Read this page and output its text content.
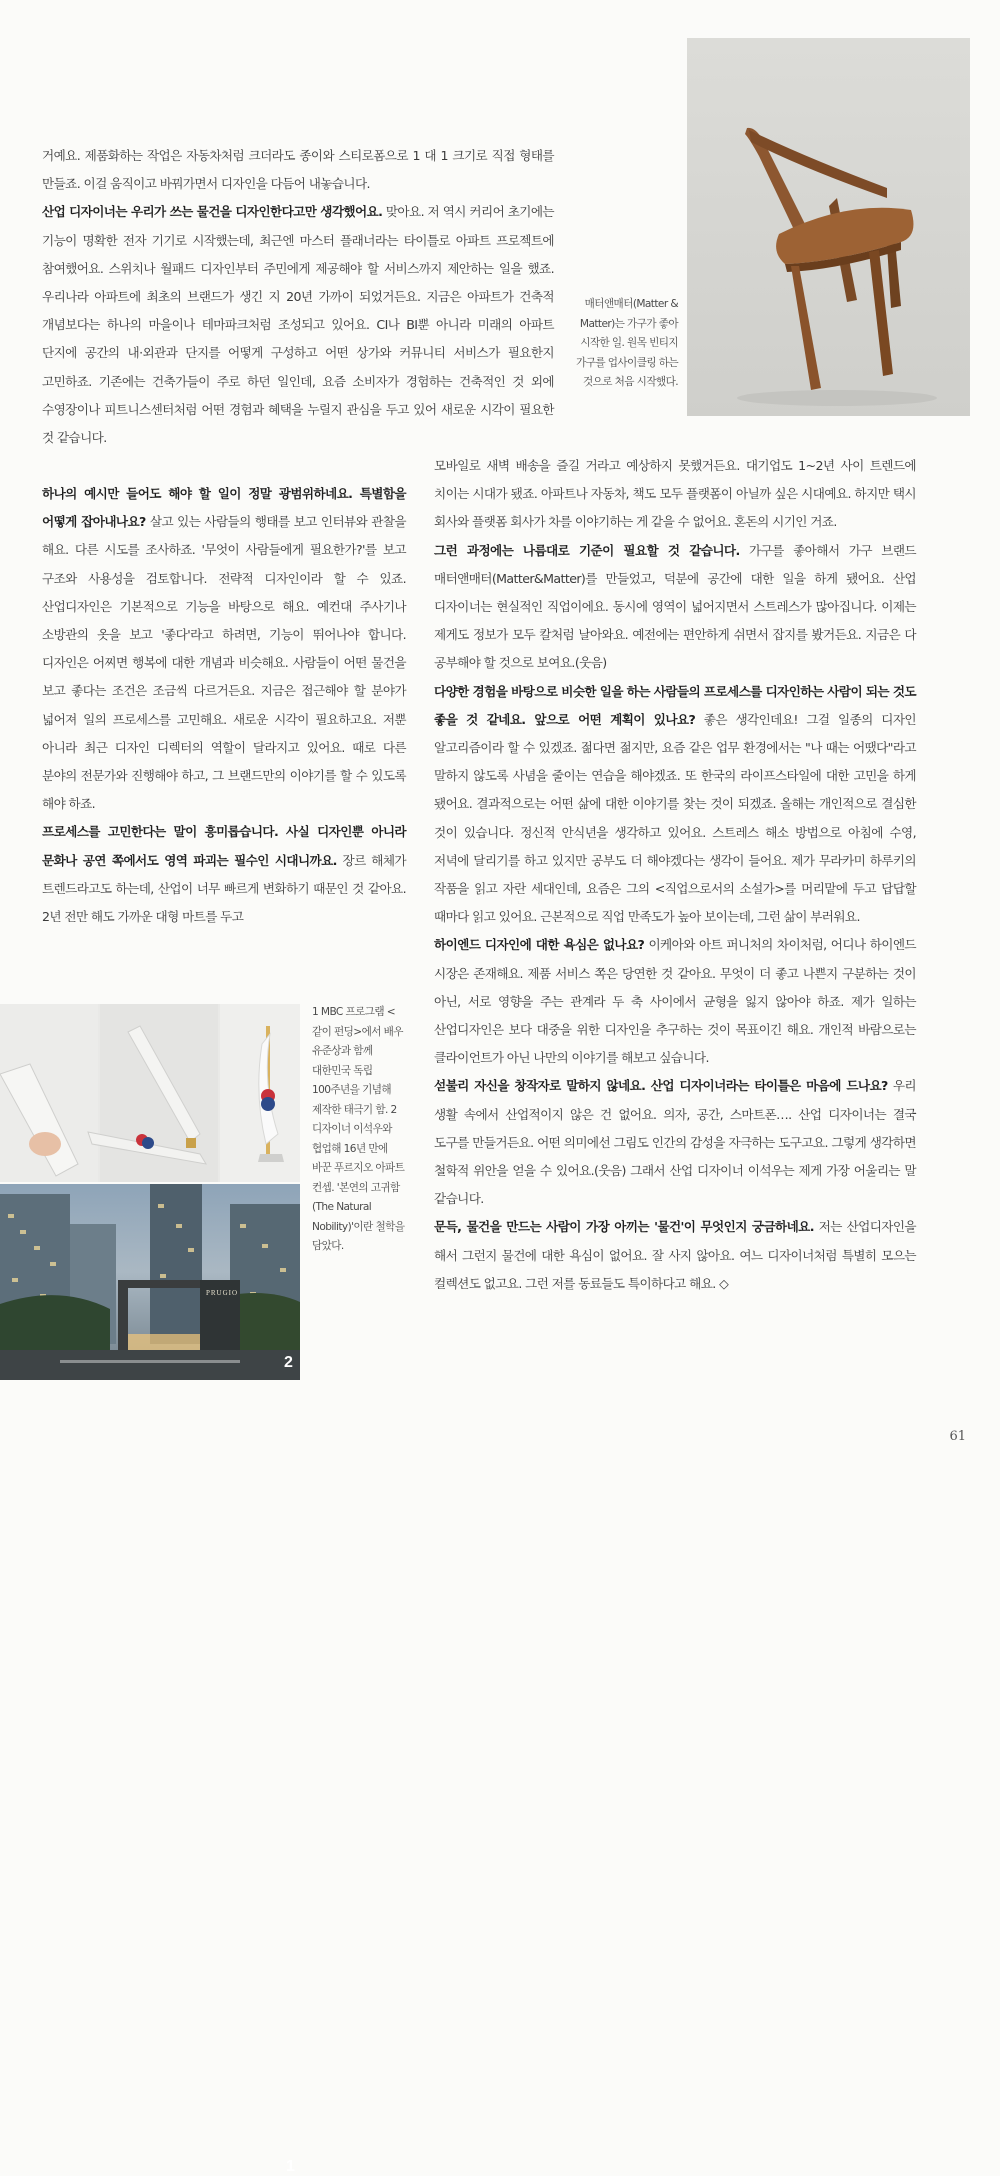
매터앤매터(Matter & Matter)는 가구가 좋아 시작한 일. 원목 빈티지 가구를 업사이클링 하는 것으로 처음 시작했다.

거예요. 제품화하는 작업은 자동차처럼 크더라도 종이와 스티로폼으로 1 대 1 크기로 직접 형태를 만들죠. 이걸 움직이고 바꿔가면서 디자인을 다듬어 내놓습니다.

산업 디자이너는 우리가 쓰는 물건을 디자인한다고만 생각했어요. 맞아요. 저 역시 커리어 초기에는 기능이 명확한 전자 기기로 시작했는데, 최근엔 마스터 플래너라는 타이틀로 아파트 프로젝트에 참여했어요. 스위치나 월패드 디자인부터 주민에게 제공해야 할 서비스까지 제안하는 일을 했죠. 우리나라 아파트에 최초의 브랜드가 생긴 지 20년 가까이 되었거든요. 지금은 아파트가 건축적 개념보다는 하나의 마을이나 테마파크처럼 조성되고 있어요. CI나 BI뿐 아니라 미래의 아파트 단지에 공간의 내·외관과 단지를 어떻게 구성하고 어떤 상가와 커뮤니티 서비스가 필요한지 고민하죠. 기존에는 건축가들이 주로 하던 일인데, 요즘 소비자가 경험하는 건축적인 것 외에 수영장이나 피트니스센터처럼 어떤 경험과 혜택을 누릴지 관심을 두고 있어 새로운 시각이 필요한 것 같습니다.

하나의 예시만 들어도 해야 할 일이 정말 광범위하네요. 특별함을 어떻게 잡아내나요? 살고 있는 사람들의 행태를 보고 인터뷰와 관찰을 해요. 다른 시도를 조사하죠. '무엇이 사람들에게 필요한가?'를 보고 구조와 사용성을 검토합니다. 전략적 디자인이라 할 수 있죠. 산업디자인은 기본적으로 기능을 바탕으로 해요. 예컨대 주사기나 소방관의 옷을 보고 '좋다'라고 하려면, 기능이 뛰어나야 합니다. 디자인은 어찌면 행복에 대한 개념과 비슷해요. 사람들이 어떤 물건을 보고 좋다는 조건은 조금씩 다르거든요. 지금은 접근해야 할 분야가 넓어져 일의 프로세스를 고민해요. 새로운 시각이 필요하고요. 저뿐 아니라 최근 디자인 디렉터의 역할이 달라지고 있어요. 때로 다른 분야의 전문가와 진행해야 하고, 그 브랜드만의 이야기를 할 수 있도록 해야 하죠.

프로세스를 고민한다는 말이 흥미롭습니다. 사실 디자인뿐 아니라 문화나 공연 쪽에서도 영역 파괴는 필수인 시대니까요. 장르 해체가 트렌드라고도 하는데, 산업이 너무 빠르게 변화하기 때문인 것 같아요. 2년 전만 해도 가까운 대형 마트를 두고

모바일로 새벽 배송을 즐길 거라고 예상하지 못했거든요. 대기업도 1~2년 사이 트렌드에 치이는 시대가 됐죠. 아파트나 자동차, 책도 모두 플랫폼이 아닐까 싶은 시대예요. 하지만 택시 회사와 플랫폼 회사가 차를 이야기하는 게 같을 수 없어요. 혼돈의 시기인 거죠.

그런 과정에는 나름대로 기준이 필요할 것 같습니다. 가구를 좋아해서 가구 브랜드 매터앤매터(Matter&Matter)를 만들었고, 덕분에 공간에 대한 일을 하게 됐어요. 산업 디자이너는 현실적인 직업이에요. 동시에 영역이 넓어지면서 스트레스가 많아집니다. 이제는 제게도 정보가 모두 칼처럼 날아와요. 예전에는 편안하게 쉬면서 잡지를 봤거든요. 지금은 다 공부해야 할 것으로 보여요.(웃음)

다양한 경험을 바탕으로 비슷한 일을 하는 사람들의 프로세스를 디자인하는 사람이 되는 것도 좋을 것 같네요. 앞으로 어떤 계획이 있나요? 좋은 생각인데요! 그걸 일종의 디자인 알고리즘이라 할 수 있겠죠. 젊다면 젊지만, 요즘 같은 업무 환경에서는 "나 때는 어땠다"라고 말하지 않도록 사념을 줄이는 연습을 해야겠죠. 또 한국의 라이프스타일에 대한 고민을 하게 됐어요. 결과적으로는 어떤 삶에 대한 이야기를 찾는 것이 되겠죠. 올해는 개인적으로 결심한 것이 있습니다. 정신적 안식년을 생각하고 있어요. 스트레스 해소 방법으로 아침에 수영, 저녁에 달리기를 하고 있지만 공부도 더 해야겠다는 생각이 들어요. 제가 무라카미 하루키의 작품을 읽고 자란 세대인데, 요즘은 그의 <직업으로서의 소설가>를 머리맡에 두고 답답할 때마다 읽고 있어요. 근본적으로 직업 만족도가 높아 보이는데, 그런 삶이 부러워요.

하이엔드 디자인에 대한 욕심은 없나요? 이케아와 아트 퍼니처의 차이처럼, 어디나 하이엔드 시장은 존재해요. 제품 서비스 쪽은 당연한 것 같아요. 무엇이 더 좋고 나쁜지 구분하는 것이 아닌, 서로 영향을 주는 관계라 두 축 사이에서 균형을 잃지 않아야 하죠. 제가 일하는 산업디자인은 보다 대중을 위한 디자인을 추구하는 것이 목표이긴 해요. 개인적 바람으로는 클라이언트가 아닌 나만의 이야기를 해보고 싶습니다.

섣불리 자신을 창작자로 말하지 않네요. 산업 디자이너라는 타이틀은 마음에 드나요? 우리 생활 속에서 산업적이지 않은 건 없어요. 의자, 공간, 스마트폰…. 산업 디자이너는 결국 도구를 만들거든요. 어떤 의미에선 그림도 인간의 감성을 자극하는 도구고요. 그렇게 생각하면 철학적 위안을 얻을 수 있어요.(웃음) 그래서 산업 디자이너 이석우는 제게 가장 어울리는 말 같습니다.

문득, 물건을 만드는 사람이 가장 아끼는 '물건'이 무엇인지 궁금하네요. 저는 산업디자인을 해서 그런지 물건에 대한 욕심이 없어요. 잘 사지 않아요. 여느 디자이너처럼 특별히 모으는 컬렉션도 없고요. 그런 저를 동료들도 특이하다고 해요. ◇

1
PRUGIO
2
1 MBC 프로그램 <같이 펀딩>에서 배우 유준상과 함께 대한민국 독립 100주년을 기념해 제작한 태극기 함. 2 디자이너 이석우와 협업해 16년 만에 바꾼 푸르지오 아파트 컨셉. '본연의 고귀함(The Natural Nobility)'이란 철학을 담았다.
61
